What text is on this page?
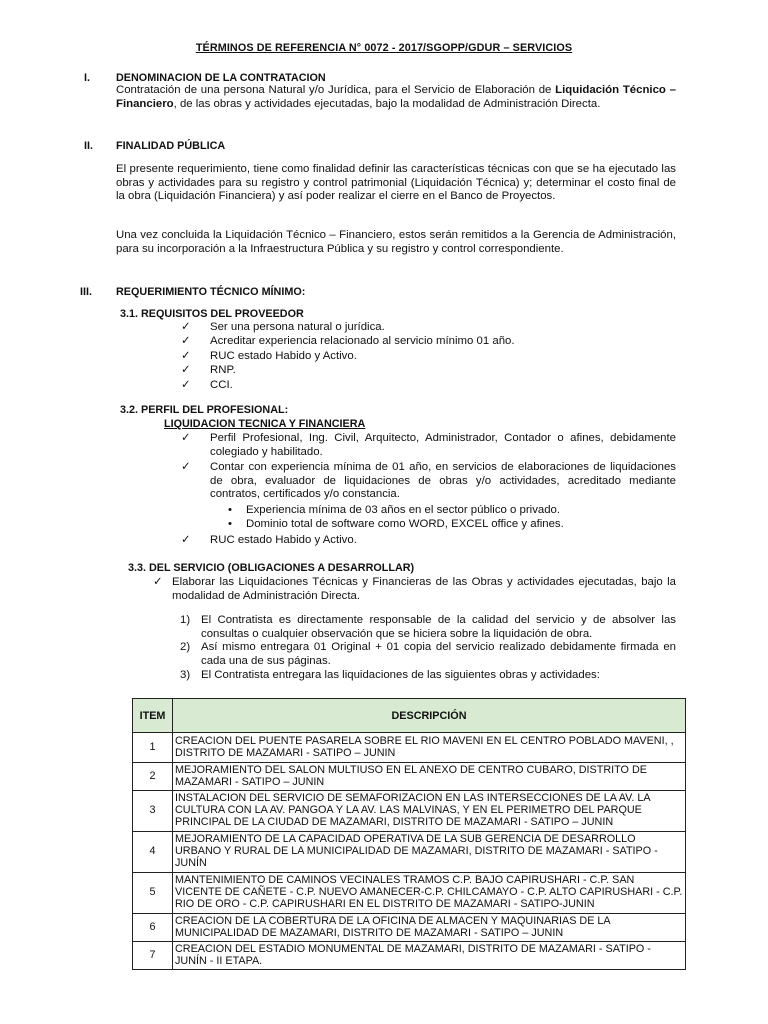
TÉRMINOS DE REFERENCIA N° 0072 - 2017/SGOPP/GDUR – SERVICIOS
I. DENOMINACION DE LA CONTRATACION
Contratación de una persona Natural y/o Jurídica, para el Servicio de Elaboración de Liquidación Técnico – Financiero, de las obras y actividades ejecutadas, bajo la modalidad de Administración Directa.
II. FINALIDAD PÚBLICA
El presente requerimiento, tiene como finalidad definir las características técnicas con que se ha ejecutado las obras y actividades para su registro y control patrimonial (Liquidación Técnica) y; determinar el costo final de la obra (Liquidación Financiera) y así poder realizar el cierre en el Banco de Proyectos.
Una vez concluida la Liquidación Técnico – Financiero, estos serán remitidos a la Gerencia de Administración, para su incorporación a la Infraestructura Pública y su registro y control correspondiente.
III. REQUERIMIENTO TÉCNICO MÍNIMO:
3.1. REQUISITOS DEL PROVEEDOR
✓ Ser una persona natural o jurídica.
✓ Acreditar experiencia relacionado al servicio mínimo 01 año.
✓ RUC estado Habido y Activo.
✓ RNP.
✓ CCI.
3.2. PERFIL DEL PROFESIONAL:
LIQUIDACION TECNICA Y FINANCIERA
✓ Perfil Profesional, Ing. Civil, Arquitecto, Administrador, Contador o afines, debidamente colegiado y habilitado.
✓ Contar con experiencia mínima de 01 año, en servicios de elaboraciones de liquidaciones de obra, evaluador de liquidaciones de obras y/o actividades, acreditado mediante contratos, certificados y/o constancia.
• Experiencia mínima de 03 años en el sector público o privado.
• Dominio total de software como WORD, EXCEL office y afines.
✓ RUC estado Habido y Activo.
3.3. DEL SERVICIO (OBLIGACIONES A DESARROLLAR)
✓ Elaborar las Liquidaciones Técnicas y Financieras de las Obras y actividades ejecutadas, bajo la modalidad de Administración Directa.
1) El Contratista es directamente responsable de la calidad del servicio y de absolver las consultas o cualquier observación que se hiciera sobre la liquidación de obra.
2) Así mismo entregara 01 Original + 01 copia del servicio realizado debidamente firmada en cada una de sus páginas.
3) El Contratista entregara las liquidaciones de las siguientes obras y actividades:
ITEM	DESCRIPCIÓN
1	CREACION DEL PUENTE PASARELA SOBRE EL RIO MAVENI EN EL CENTRO POBLADO MAVENI, , DISTRITO DE MAZAMARI - SATIPO – JUNIN
2	MEJORAMIENTO DEL SALON MULTIUSO EN EL ANEXO DE CENTRO CUBARO, DISTRITO DE MAZAMARI - SATIPO – JUNIN
3	INSTALACION DEL SERVICIO DE SEMAFORIZACION EN LAS INTERSECCIONES DE LA AV. LA CULTURA CON LA AV. PANGOA Y LA AV. LAS MALVINAS, Y EN EL PERIMETRO DEL PARQUE PRINCIPAL DE LA CIUDAD DE MAZAMARI, DISTRITO DE MAZAMARI - SATIPO – JUNIN
4	MEJORAMIENTO DE LA CAPACIDAD OPERATIVA DE LA SUB GERENCIA DE DESARROLLO URBANO Y RURAL DE LA MUNICIPALIDAD DE MAZAMARI, DISTRITO DE MAZAMARI - SATIPO - JUNÍN
5	MANTENIMIENTO DE CAMINOS VECINALES TRAMOS C.P. BAJO CAPIRUSHARI - C.P. SAN VICENTE DE CAÑETE - C.P. NUEVO AMANECER-C.P. CHILCAMAYO - C.P. ALTO CAPIRUSHARI - C.P. RIO DE ORO - C.P. CAPIRUSHARI EN EL DISTRITO DE MAZAMARI - SATIPO-JUNIN
6	CREACION DE LA COBERTURA DE LA OFICINA DE ALMACEN Y MAQUINARIAS DE LA MUNICIPALIDAD DE MAZAMARI, DISTRITO DE MAZAMARI - SATIPO – JUNIN
7	CREACION DEL ESTADIO MONUMENTAL DE MAZAMARI, DISTRITO DE MAZAMARI - SATIPO - JUNÍN - II ETAPA.
